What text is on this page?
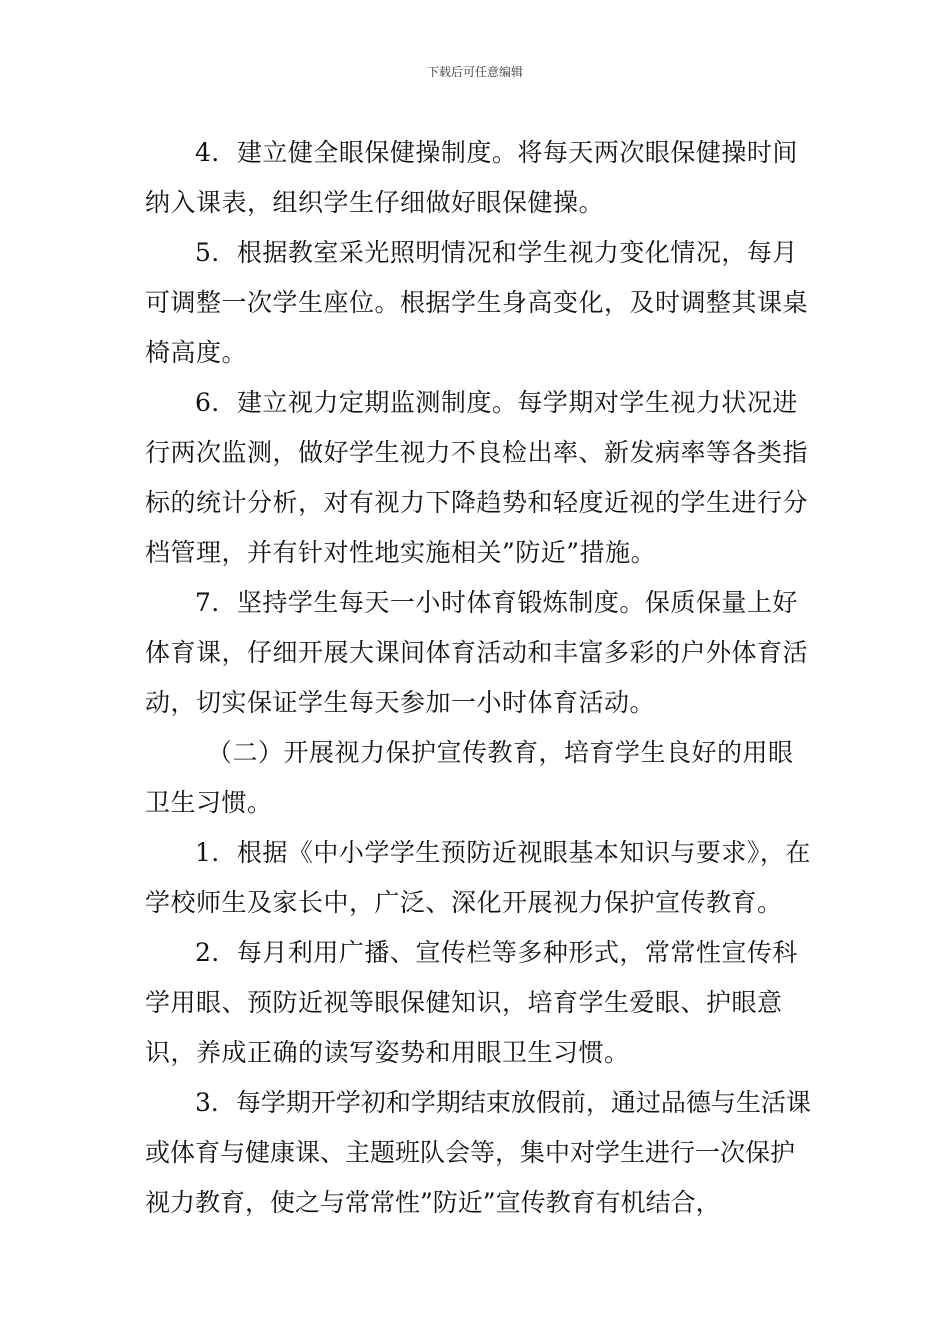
下载后可任意编辑

4．建立健全眼保健操制度。将每天两次眼保健操时间纳入课表，组织学生仔细做好眼保健操。

5．根据教室采光照明情况和学生视力变化情况，每月可调整一次学生座位。根据学生身高变化，及时调整其课桌椅高度。

6．建立视力定期监测制度。每学期对学生视力状况进行两次监测，做好学生视力不良检出率、新发病率等各类指标的统计分析，对有视力下降趋势和轻度近视的学生进行分档管理，并有针对性地实施相关”防近”措施。

7．坚持学生每天一小时体育锻炼制度。保质保量上好体育课，仔细开展大课间体育活动和丰富多彩的户外体育活动，切实保证学生每天参加一小时体育活动。

（二）开展视力保护宣传教育，培育学生良好的用眼卫生习惯。

1．根据《中小学学生预防近视眼基本知识与要求》，在学校师生及家长中，广泛、深化开展视力保护宣传教育。

2．每月利用广播、宣传栏等多种形式，常常性宣传科学用眼、预防近视等眼保健知识，培育学生爱眼、护眼意识，养成正确的读写姿势和用眼卫生习惯。

3．每学期开学初和学期结束放假前，通过品德与生活课或体育与健康课、主题班队会等，集中对学生进行一次保护视力教育，使之与常常性”防近”宣传教育有机结合，
